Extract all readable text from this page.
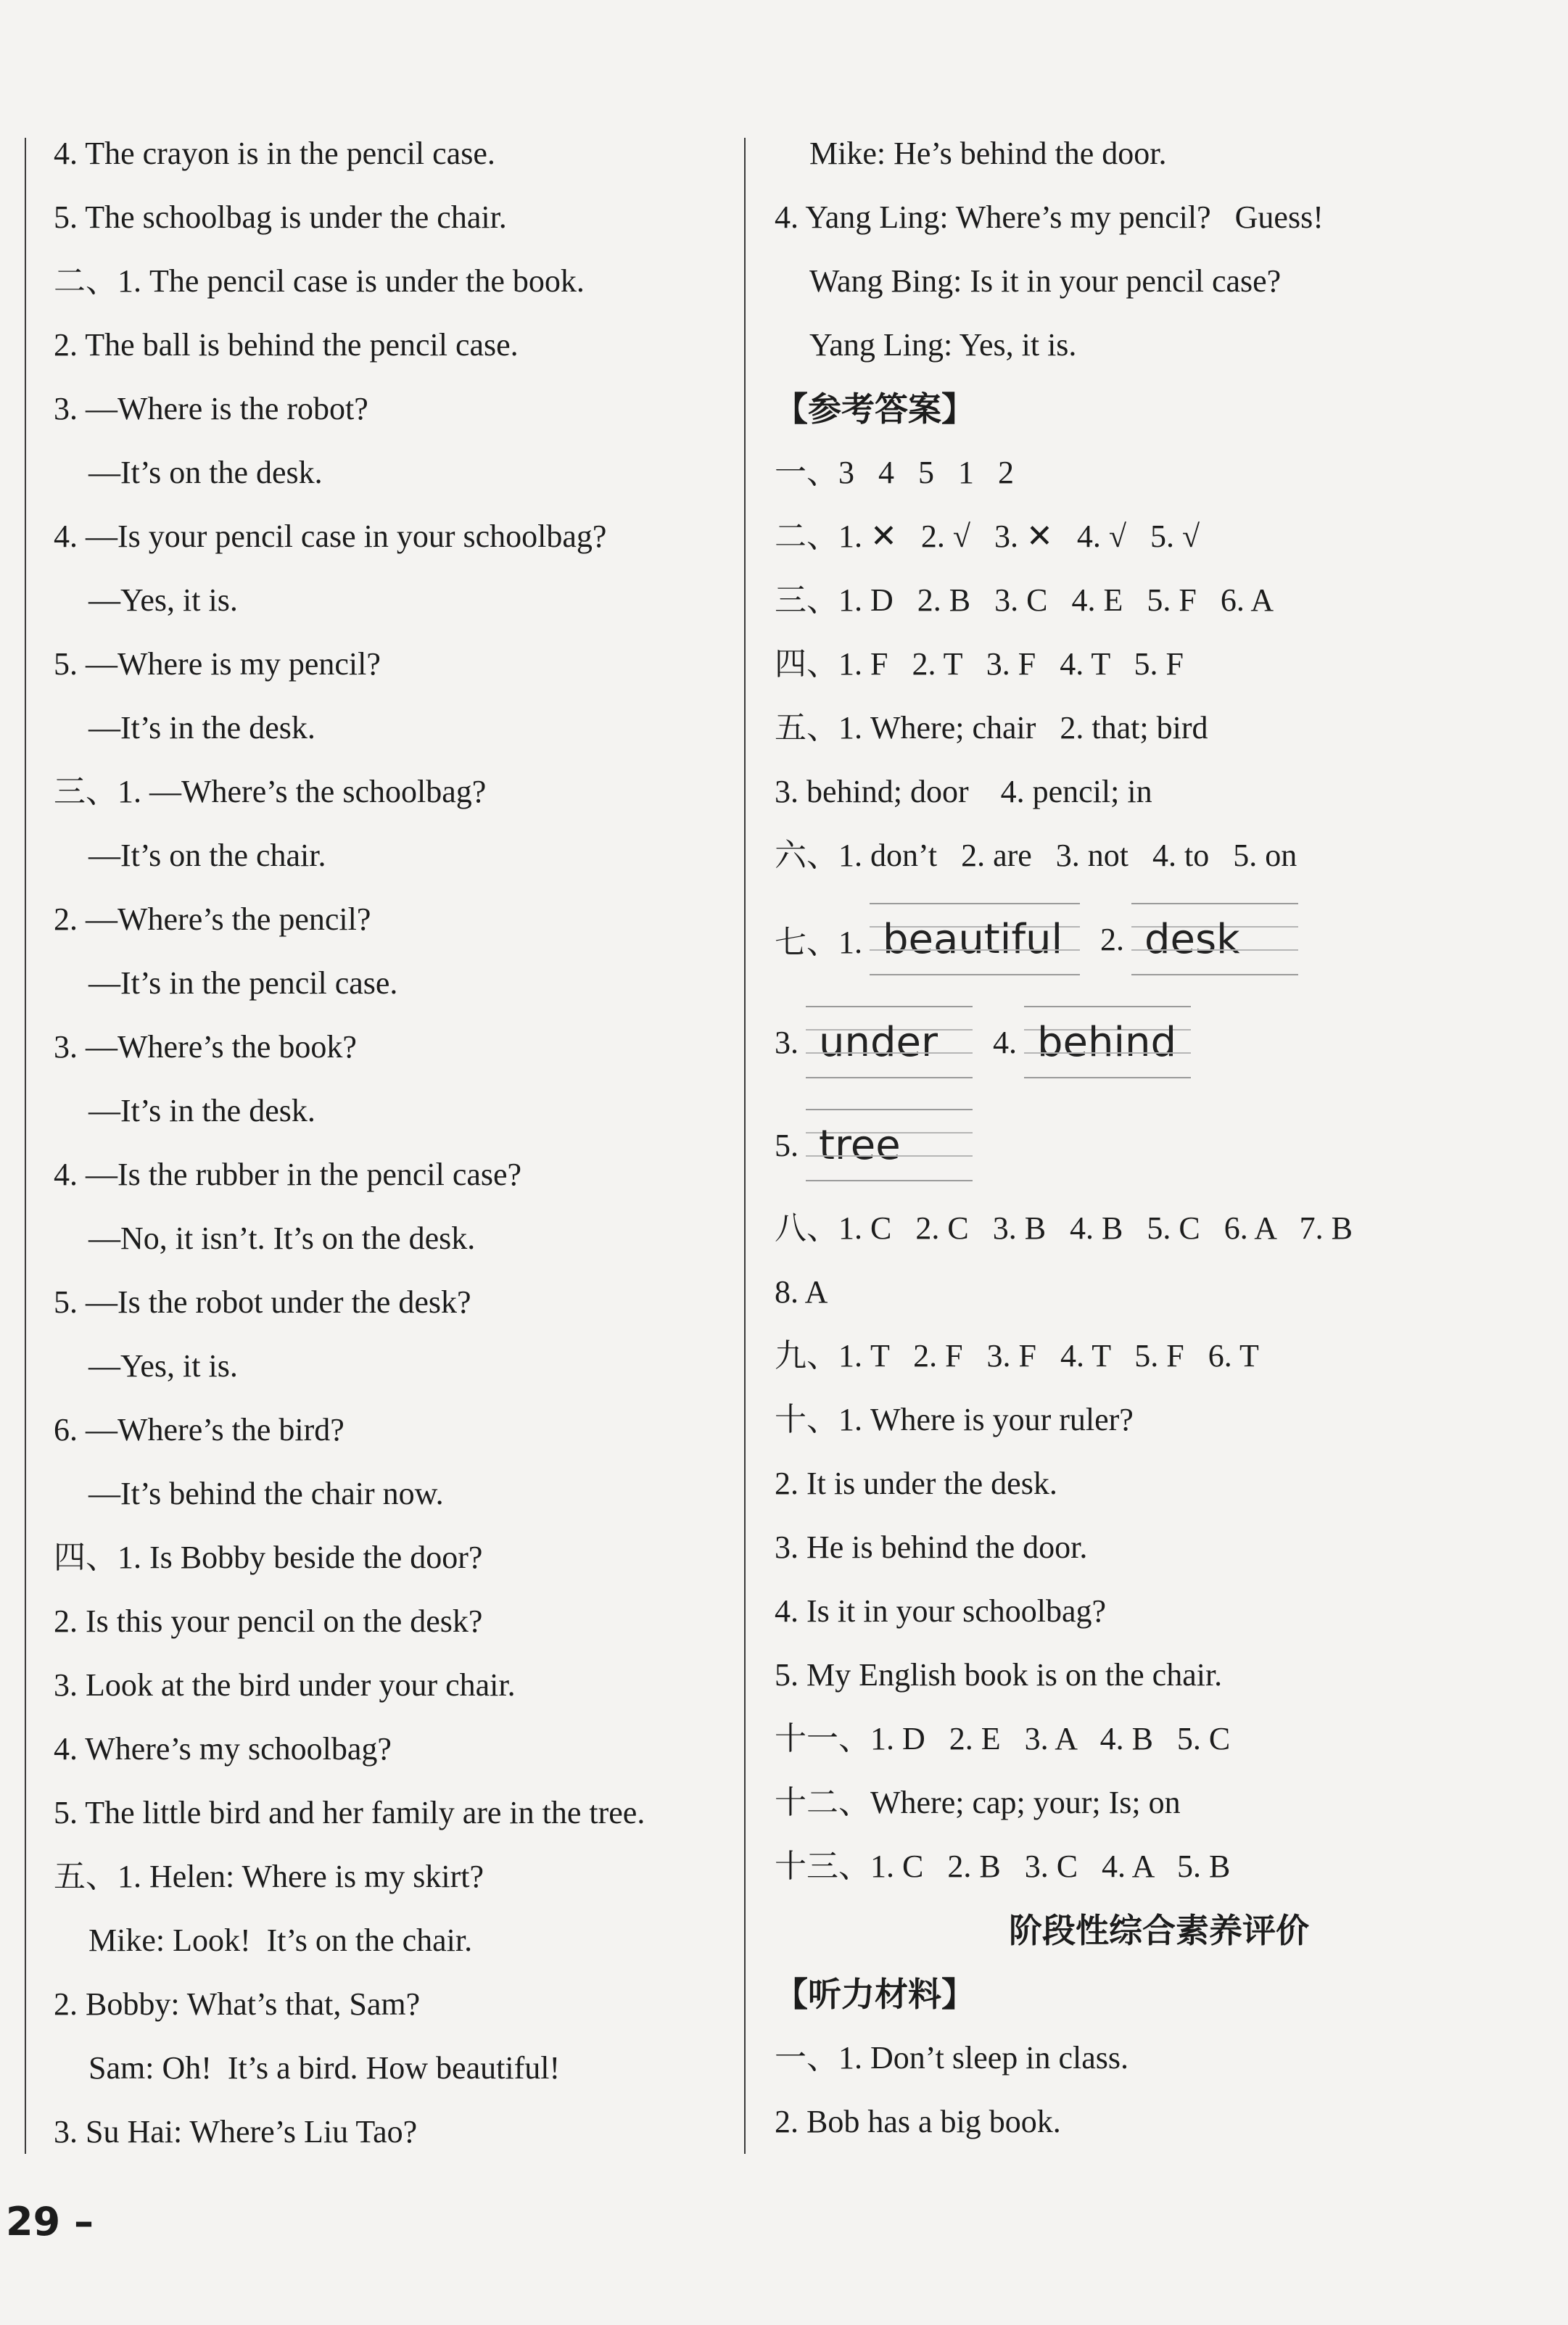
4. The crayon is in the pencil case.
5. The schoolbag is under the chair.
二、1. The pencil case is under the book.
2. The ball is behind the pencil case.
3. —Where is the robot?
—It’s on the desk.
4. —Is your pencil case in your schoolbag?
—Yes, it is.
5. —Where is my pencil?
—It’s in the desk.
三、1. —Where’s the schoolbag?
—It’s on the chair.
2. —Where’s the pencil?
—It’s in the pencil case.
3. —Where’s the book?
—It’s in the desk.
4. —Is the rubber in the pencil case?
—No, it isn’t. It’s on the desk.
5. —Is the robot under the desk?
—Yes, it is.
6. —Where’s the bird?
—It’s behind the chair now.
四、1. Is Bobby beside the door?
2. Is this your pencil on the desk?
3. Look at the bird under your chair.
4. Where’s my schoolbag?
5. The little bird and her family are in the tree.
五、1. Helen: Where is my skirt?
Mike: Look!  It’s on the chair.
2. Bobby: What’s that, Sam?
Sam: Oh!  It’s a bird. How beautiful!
3. Su Hai: Where’s Liu Tao?
Mike: He’s behind the door.
4. Yang Ling: Where’s my pencil?   Guess!
Wang Bing: Is it in your pencil case?
Yang Ling: Yes, it is.
【参考答案】
一、3   4   5   1   2
二、1. ✕   2. √   3. ✕   4. √   5. √
三、1. D   2. B   3. C   4. E   5. F   6. A
四、1. F   2. T   3. F   4. T   5. F
五、1. Where; chair   2. that; bird
3. behind; door    4. pencil; in
六、1. don’t   2. are   3. not   4. to   5. on
七、1. beautiful 2. desk
3. under 4. behind
5. tree
八、1. C   2. C   3. B   4. B   5. C   6. A   7. B
8. A
九、1. T   2. F   3. F   4. T   5. F   6. T
十、1. Where is your ruler?
2. It is under the desk.
3. He is behind the door.
4. Is it in your schoolbag?
5. My English book is on the chair.
十一、1. D   2. E   3. A   4. B   5. C
十二、Where; cap; your; Is; on
十三、1. C   2. B   3. C   4. A   5. B
阶段性综合素养评价
【听力材料】
一、1. Don’t sleep in class.
2. Bob has a big book.
29 –
